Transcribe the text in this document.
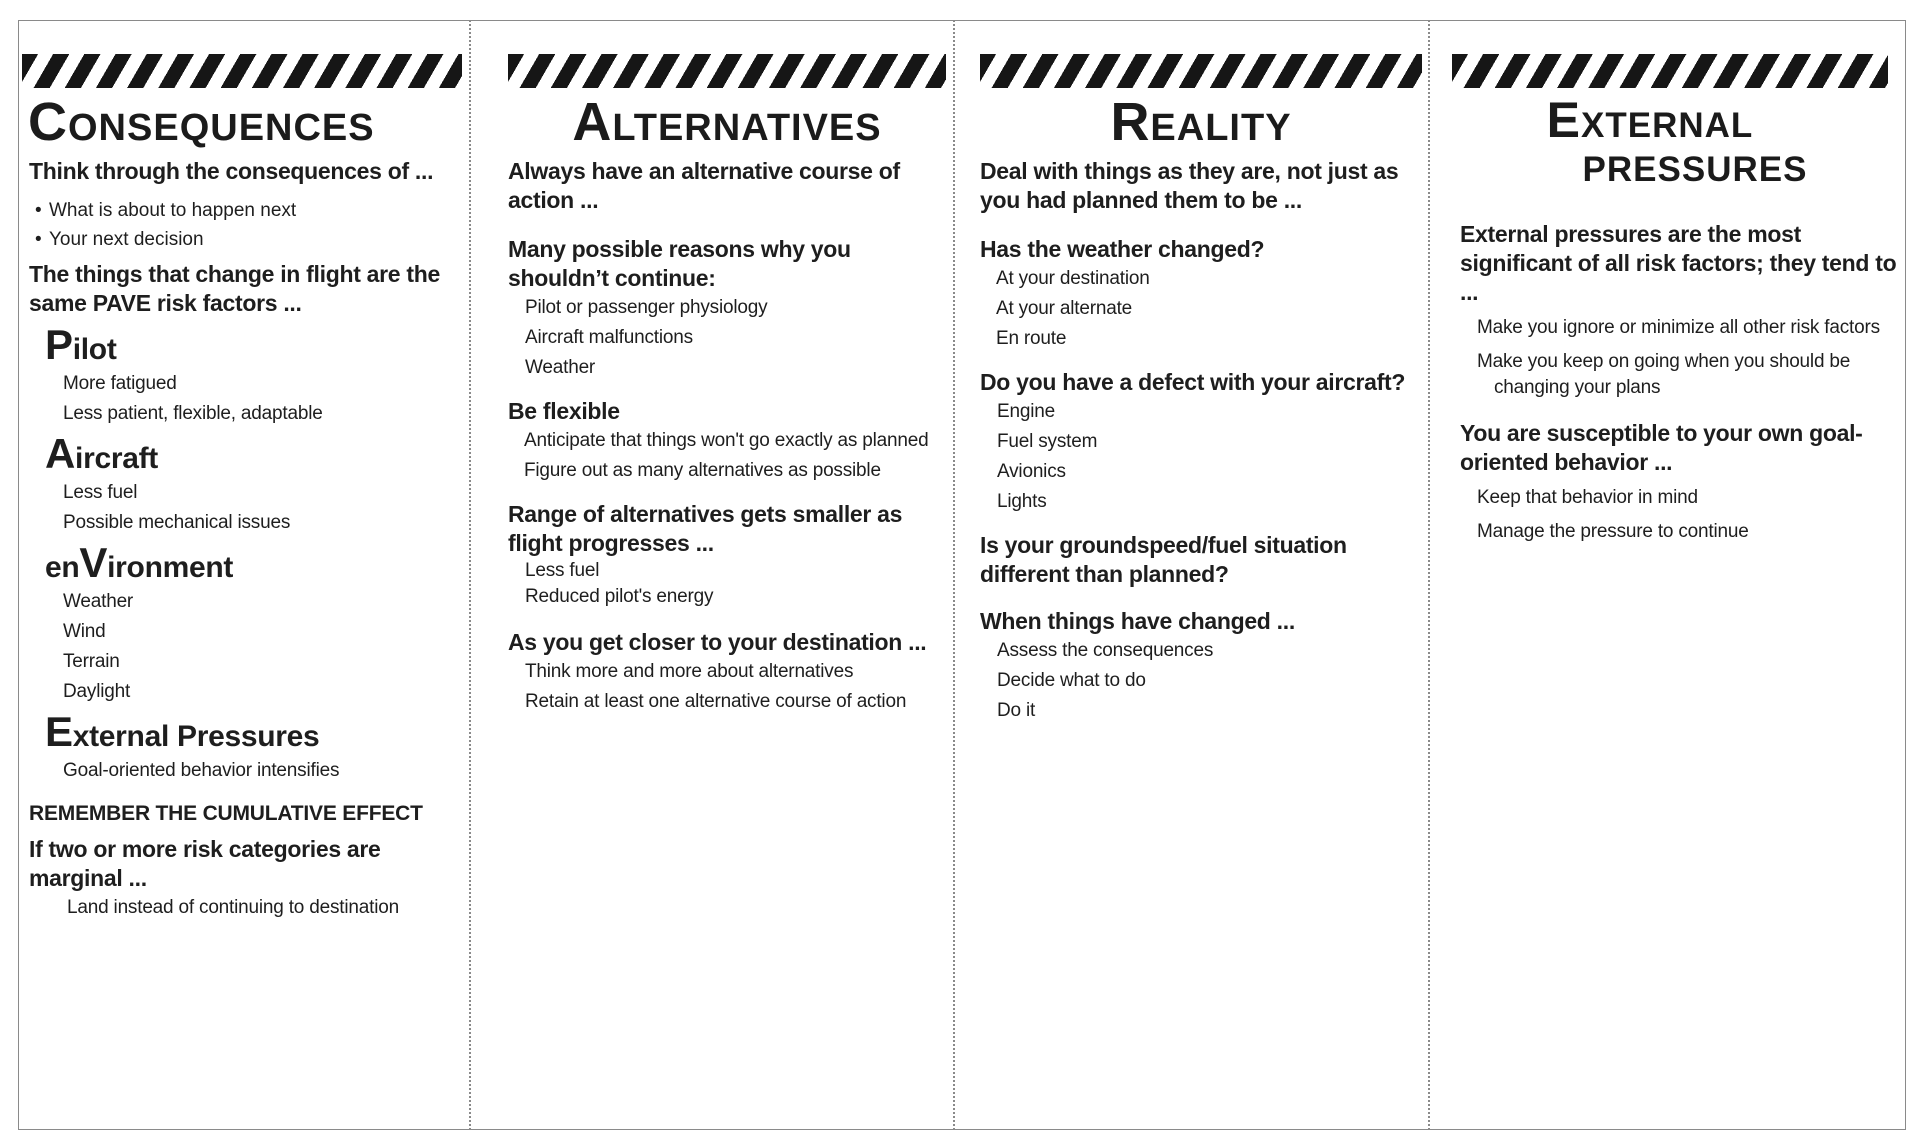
Consequences

Think through the consequences of ...

• What is about to happen next

• Your next decision

The things that change in flight are the same PAVE risk factors ...

Pilot

More fatigued

Less patient, flexible, adaptable

Aircraft

Less fuel

Possible mechanical issues

enVironment

Weather

Wind

Terrain

Daylight

External Pressures

Goal-oriented behavior intensifies

REMEMBER THE CUMULATIVE EFFECT

If two or more risk categories are marginal ...

Land instead of continuing to destination

Alternatives

Always have an alternative course of action ...

Many possible reasons why you shouldn’t continue:

Pilot or passenger physiology

Aircraft malfunctions

Weather

Be flexible

Anticipate that things won't go exactly as planned

Figure out as many alternatives as possible

Range of alternatives gets smaller as flight progresses ...

Less fuel

Reduced pilot's energy

As you get closer to your destination ...

Think more and more about alternatives

Retain at least one alternative course of action

Reality

Deal with things as they are, not just as you had planned them to be ...

Has the weather changed?

At your destination

At your alternate

En route

Do you have a defect with your aircraft?

Engine

Fuel system

Avionics

Lights

Is your groundspeed/fuel situation different than planned?

When things have changed ...

Assess the consequences

Decide what to do

Do it

External
pressures

External pressures are the most significant of all risk factors; they tend to ...

Make you ignore or minimize all other risk factors

Make you keep on going when you should be

changing your plans

You are susceptible to your own goal-oriented behavior ...

Keep that behavior in mind

Manage the pressure to continue
